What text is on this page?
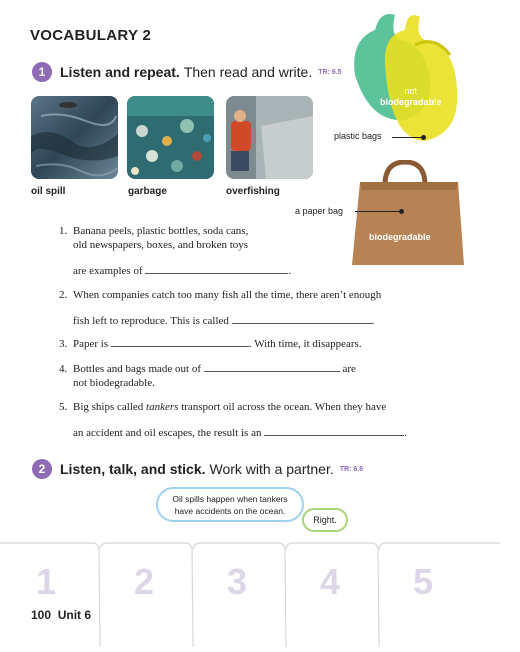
VOCABULARY 2
1	Listen and repeat. Then read and write. TR: 6.5
oil spill	garbage	overfishing
not
biodegradable
plastic bags
a paper bag
biodegradable
1. Banana peels, plastic bottles, soda cans,
old newspapers, boxes, and broken toys
are examples of	.
2. When companies catch too many fish all the time, there aren’t enough
fish left to reproduce. This is called	.
3. Paper is	. With time, it disappears.
4. Bottles and bags made out of	are
not biodegradable.
5. Big ships called tankers transport oil across the ocean. When they have
an accident and oil escapes, the result is an	.
2	Listen, talk, and stick. Work with a partner. TR: 6.6
Oil spills happen when tankers
have accidents on the ocean.
Right.
1 2 3 4 5
100 Unit 6
